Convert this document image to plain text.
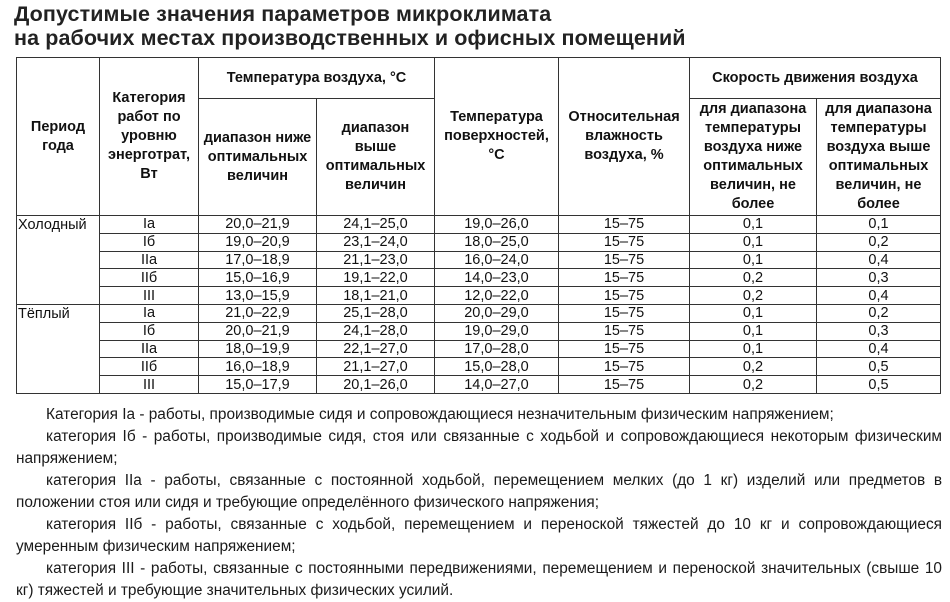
Допустимые значения параметров микроклимата
на рабочих местах производственных и офисных помещений
Период года	Категория работ по уровню энерготрат, Вт	Температура воздуха, °С		Температура поверхностей, °С	Относительная влажность воздуха, %	Скорость движения воздуха	
		диапазон ниже оптимальных величин	диапазон выше оптимальных величин			для диапазона температуры воздуха ниже оптимальных величин, не более	для диапазона температуры воздуха выше оптимальных величин, не более
Холодный	Iа	20,0–21,9	24,1–25,0	19,0–26,0	15–75	0,1	0,1
	Iб	19,0–20,9	23,1–24,0	18,0–25,0	15–75	0,1	0,2
	IIа	17,0–18,9	21,1–23,0	16,0–24,0	15–75	0,1	0,4
	IIб	15,0–16,9	19,1–22,0	14,0–23,0	15–75	0,2	0,3
	III	13,0–15,9	18,1–21,0	12,0–22,0	15–75	0,2	0,4
Тёплый	Iа	21,0–22,9	25,1–28,0	20,0–29,0	15–75	0,1	0,2
	Iб	20,0–21,9	24,1–28,0	19,0–29,0	15–75	0,1	0,3
	IIа	18,0–19,9	22,1–27,0	17,0–28,0	15–75	0,1	0,4
	IIб	16,0–18,9	21,1–27,0	15,0–28,0	15–75	0,2	0,5
	III	15,0–17,9	20,1–26,0	14,0–27,0	15–75	0,2	0,5

Категория Iа - работы, производимые сидя и сопровождающиеся незначительным физическим напряжением;

категория Iб - работы, производимые сидя, стоя или связанные с ходьбой и сопровождающиеся некоторым физическим напряжением;

категория IIа - работы, связанные с постоянной ходьбой, перемещением мелких (до 1 кг) изделий или предметов в положении стоя или сидя и требующие определённого физического напряжения;

категория IIб - работы, связанные с ходьбой, перемещением и переноской тяжестей до 10 кг и сопровождающиеся умеренным физическим напряжением;

категория III - работы, связанные с постоянными передвижениями, перемещением и переноской значительных (свыше 10 кг) тяжестей и требующие значительных физических усилий.
